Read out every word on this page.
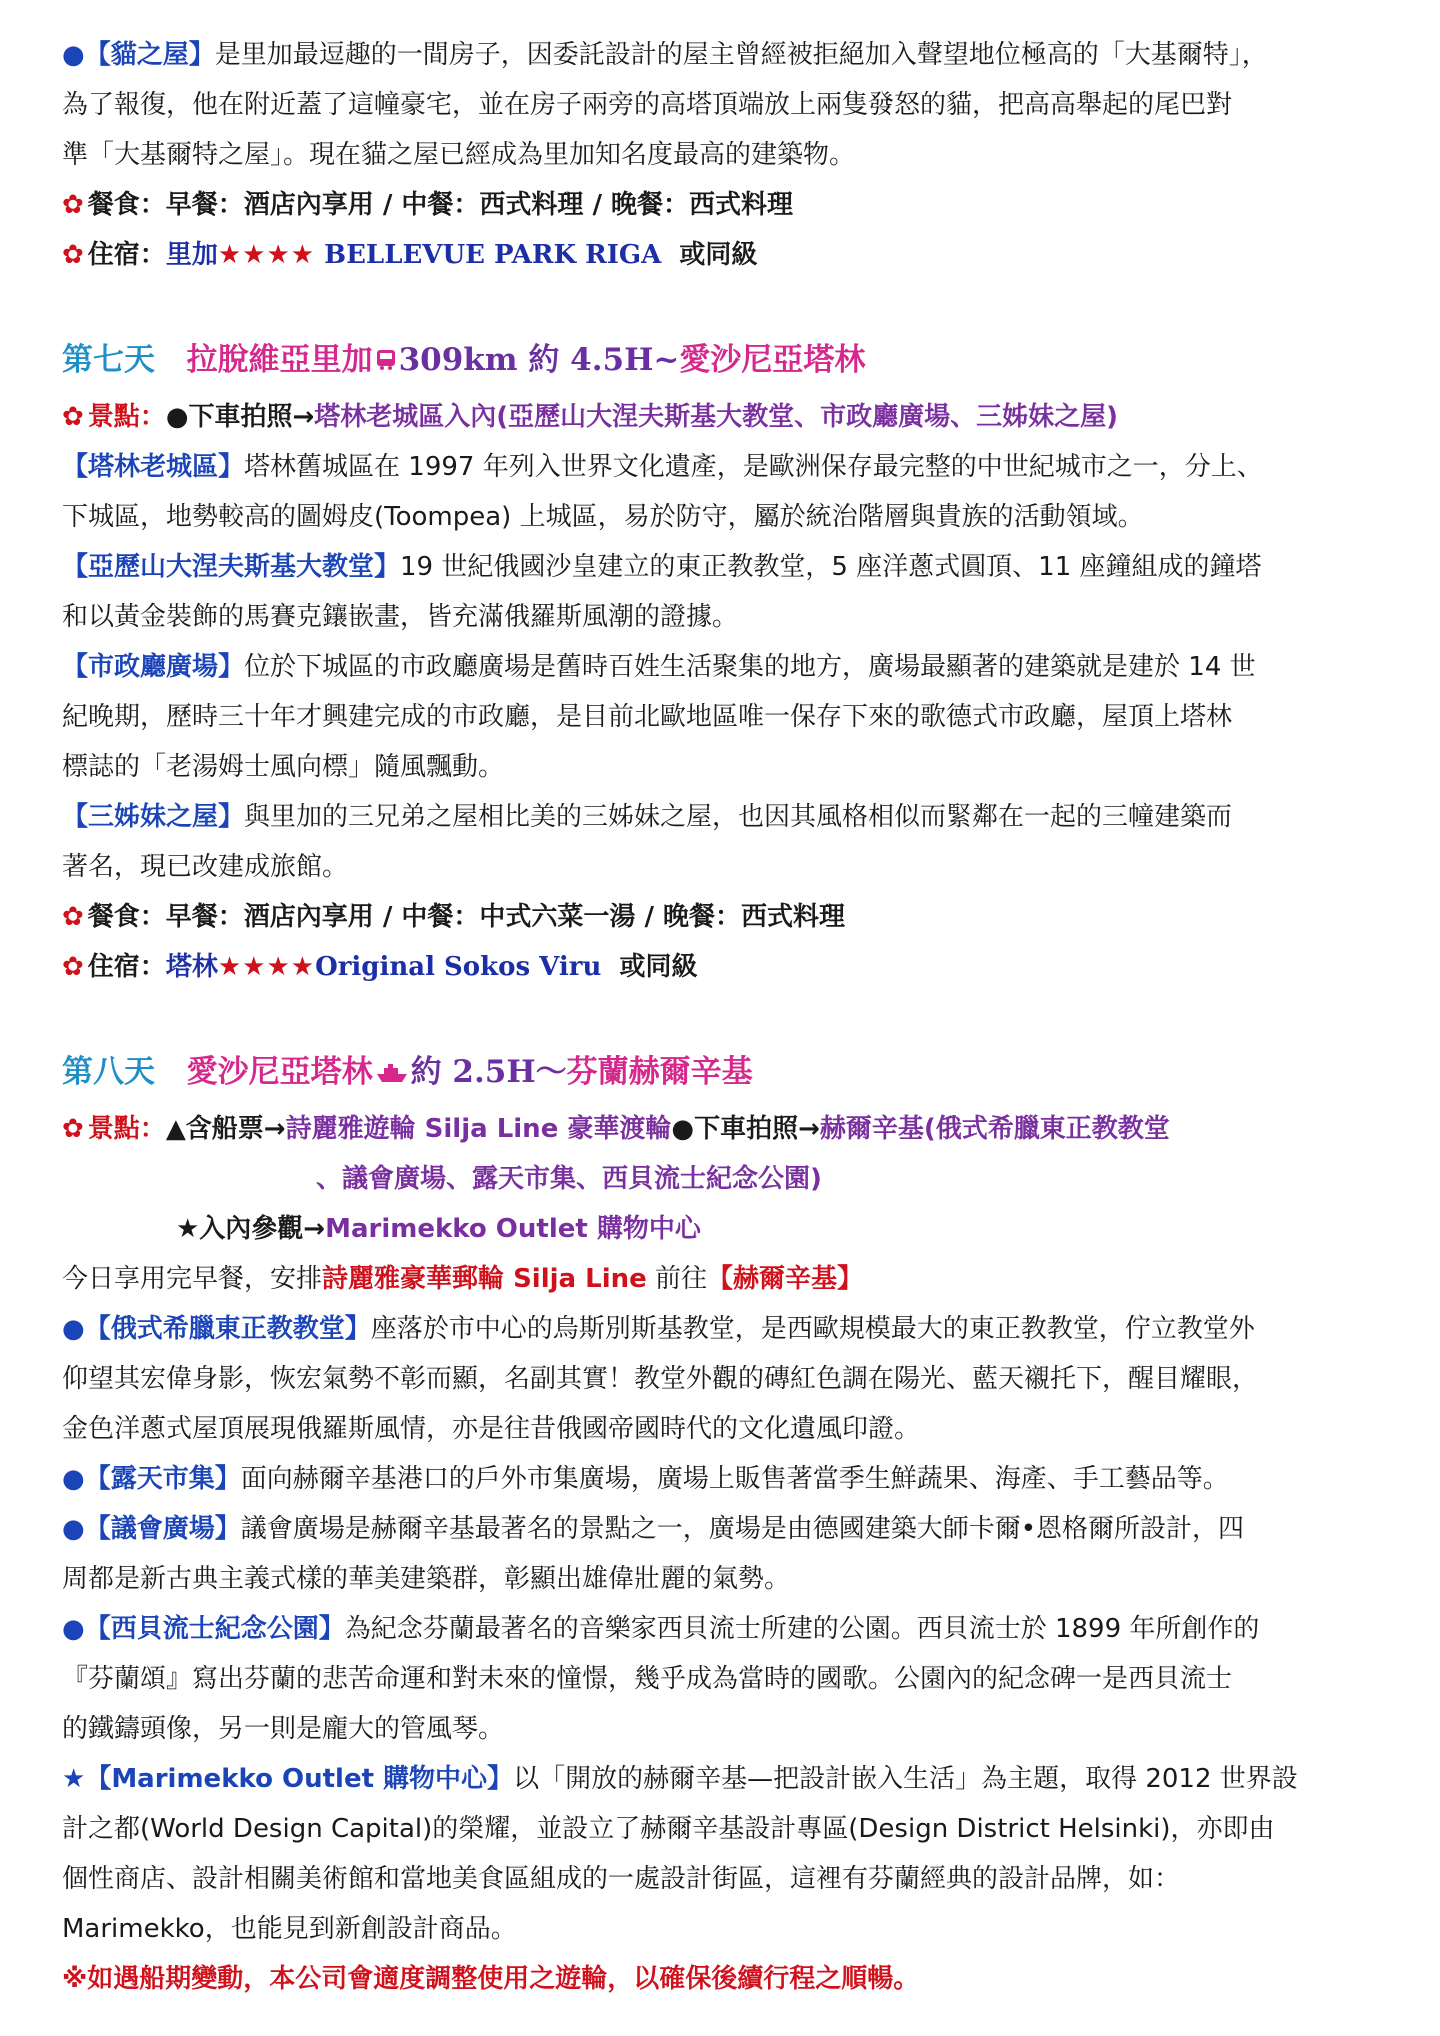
●【貓之屋】是里加最逗趣的一間房子，因委託設計的屋主曾經被拒絕加入聲望地位極高的「大基爾特」，
為了報復，他在附近蓋了這幢豪宅，並在房子兩旁的高塔頂端放上兩隻發怒的貓，把高高舉起的尾巴對
準「大基爾特之屋」。現在貓之屋已經成為里加知名度最高的建築物。
✿ 餐食：早餐：酒店內享用 / 中餐：西式料理 / 晚餐：西式料理
✿ 住宿：里加★★★★ BELLEVUE PARK RIGA  或同級
第七天 拉脫維亞里加 309km 約 4.5H~愛沙尼亞塔林
✿ 景點：●下車拍照→塔林老城區入內(亞歷山大涅夫斯基大教堂、市政廳廣場、三姊妹之屋)
【塔林老城區】塔林舊城區在 1997 年列入世界文化遺產，是歐洲保存最完整的中世紀城市之一，分上、
下城區，地勢較高的圖姆皮(Toompea) 上城區，易於防守，屬於統治階層與貴族的活動領域。
【亞歷山大涅夫斯基大教堂】19 世紀俄國沙皇建立的東正教教堂，5 座洋蔥式圓頂、11 座鐘組成的鐘塔
和以黃金裝飾的馬賽克鑲嵌畫，皆充滿俄羅斯風潮的證據。
【市政廳廣場】位於下城區的市政廳廣場是舊時百姓生活聚集的地方，廣場最顯著的建築就是建於 14 世
紀晚期，歷時三十年才興建完成的市政廳，是目前北歐地區唯一保存下來的歌德式市政廳，屋頂上塔林
標誌的「老湯姆士風向標」隨風飄動。
【三姊妹之屋】與里加的三兄弟之屋相比美的三姊妹之屋，也因其風格相似而緊鄰在一起的三幢建築而
著名，現已改建成旅館。
✿ 餐食：早餐：酒店內享用 / 中餐：中式六菜一湯 / 晚餐：西式料理
✿ 住宿：塔林★★★★Original Sokos Viru  或同級
第八天 愛沙尼亞塔林 約 2.5H～芬蘭赫爾辛基
✿ 景點：▲含船票→詩麗雅遊輪 Silja Line 豪華渡輪●下車拍照→赫爾辛基(俄式希臘東正教教堂
、議會廣場、露天市集、西貝流士紀念公園)
★入內參觀→Marimekko Outlet 購物中心
今日享用完早餐，安排詩麗雅豪華郵輪 Silja Line 前往【赫爾辛基】
●【俄式希臘東正教教堂】座落於市中心的烏斯別斯基教堂，是西歐規模最大的東正教教堂，佇立教堂外
仰望其宏偉身影，恢宏氣勢不彰而顯，名副其實！教堂外觀的磚紅色調在陽光、藍天襯托下，醒目耀眼，
金色洋蔥式屋頂展現俄羅斯風情，亦是往昔俄國帝國時代的文化遺風印證。
●【露天市集】面向赫爾辛基港口的戶外市集廣場，廣場上販售著當季生鮮蔬果、海產、手工藝品等。
●【議會廣場】議會廣場是赫爾辛基最著名的景點之一，廣場是由德國建築大師卡爾•恩格爾所設計，四
周都是新古典主義式樣的華美建築群，彰顯出雄偉壯麗的氣勢。
●【西貝流士紀念公園】為紀念芬蘭最著名的音樂家西貝流士所建的公園。西貝流士於 1899 年所創作的
『芬蘭頌』寫出芬蘭的悲苦命運和對未來的憧憬，幾乎成為當時的國歌。公園內的紀念碑一是西貝流士
的鐵鑄頭像，另一則是龐大的管風琴。
★【Marimekko Outlet 購物中心】以「開放的赫爾辛基—把設計嵌入生活」為主題，取得 2012 世界設
計之都(World Design Capital)的榮耀，並設立了赫爾辛基設計專區(Design District Helsinki)，亦即由
個性商店、設計相關美術館和當地美食區組成的一處設計街區，這裡有芬蘭經典的設計品牌，如：
Marimekko，也能見到新創設計商品。
※如遇船期變動，本公司會適度調整使用之遊輪，以確保後續行程之順暢。
